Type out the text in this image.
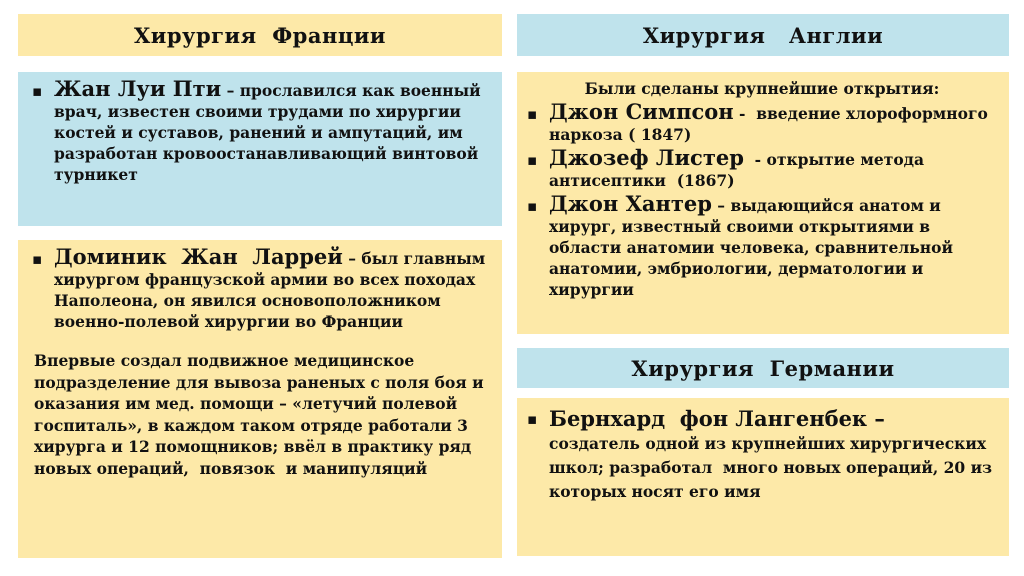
Хирургия  Франции
▪ Жан Луи Пти – прославился как военный врач, известен своими трудами по хирургии костей и суставов, ранений и ампутаций, им разработан кровоостанавливающий винтовой турникет
▪ Доминик  Жан  Ларрей – был главным хирургом французской армии во всех походах Наполеона, он явился основоположником военно-полевой хирургии во Франции
Впервые создал подвижное медицинское подразделение для вывоза раненых с поля боя и оказания им мед. помощи – «летучий полевой госпиталь», в каждом таком отряде работали 3 хирурга и 12 помощников; ввёл в практику ряд новых операций,  повязок  и манипуляций
Хирургия   Англии
Были сделаны крупнейшие открытия:
▪ Джон Симпсон -  введение хлороформного наркоза ( 1847)
▪ Джозеф Листер  - открытие метода антисептики  (1867)
▪ Джон Хантер – выдающийся анатом и хирург, известный своими открытиями в области анатомии человека, сравнительной анатомии, эмбриологии, дерматологии и хирургии
Хирургия  Германии
▪ Бернхард  фон Лангенбек –
создатель одной из крупнейших хирургических школ; разработал  много новых операций, 20 из которых носят его имя
